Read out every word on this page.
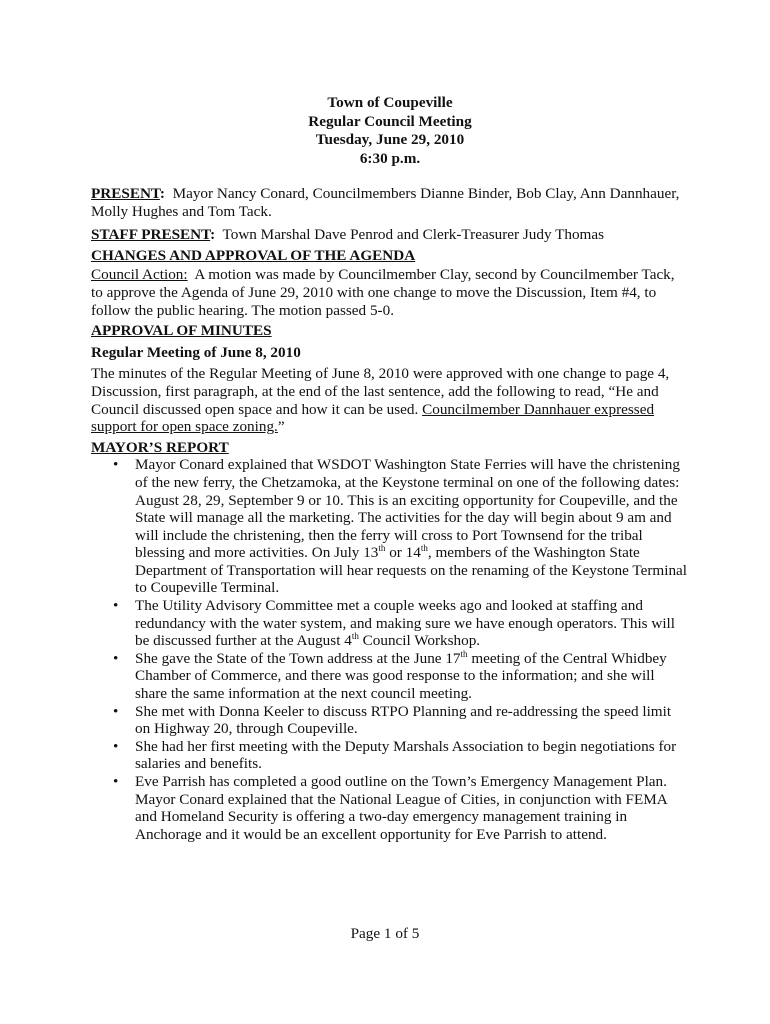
Town of Coupeville
Regular Council Meeting
Tuesday, June 29, 2010
6:30 p.m.

PRESENT: Mayor Nancy Conard, Councilmembers Dianne Binder, Bob Clay, Ann Dannhauer, Molly Hughes and Tom Tack.

STAFF PRESENT: Town Marshal Dave Penrod and Clerk-Treasurer Judy Thomas

CHANGES AND APPROVAL OF THE AGENDA

Council Action: A motion was made by Councilmember Clay, second by Councilmember Tack, to approve the Agenda of June 29, 2010 with one change to move the Discussion, Item #4, to follow the public hearing. The motion passed 5-0.

APPROVAL OF MINUTES

Regular Meeting of June 8, 2010

The minutes of the Regular Meeting of June 8, 2010 were approved with one change to page 4, Discussion, first paragraph, at the end of the last sentence, add the following to read, “He and Council discussed open space and how it can be used. Councilmember Dannhauer expressed support for open space zoning.”

MAYOR’S REPORT

• Mayor Conard explained that WSDOT Washington State Ferries will have the christening of the new ferry, the Chetzamoka, at the Keystone terminal on one of the following dates: August 28, 29, September 9 or 10. This is an exciting opportunity for Coupeville, and the State will manage all the marketing. The activities for the day will begin about 9 am and will include the christening, then the ferry will cross to Port Townsend for the tribal blessing and more activities. On July 13th or 14th, members of the Washington State Department of Transportation will hear requests on the renaming of the Keystone Terminal to Coupeville Terminal.
• The Utility Advisory Committee met a couple weeks ago and looked at staffing and redundancy with the water system, and making sure we have enough operators. This will be discussed further at the August 4th Council Workshop.
• She gave the State of the Town address at the June 17th meeting of the Central Whidbey Chamber of Commerce, and there was good response to the information; and she will share the same information at the next council meeting.
• She met with Donna Keeler to discuss RTPO Planning and re-addressing the speed limit on Highway 20, through Coupeville.
• She had her first meeting with the Deputy Marshals Association to begin negotiations for salaries and benefits.
• Eve Parrish has completed a good outline on the Town’s Emergency Management Plan. Mayor Conard explained that the National League of Cities, in conjunction with FEMA and Homeland Security is offering a two-day emergency management training in Anchorage and it would be an excellent opportunity for Eve Parrish to attend.
Page 1 of 5
